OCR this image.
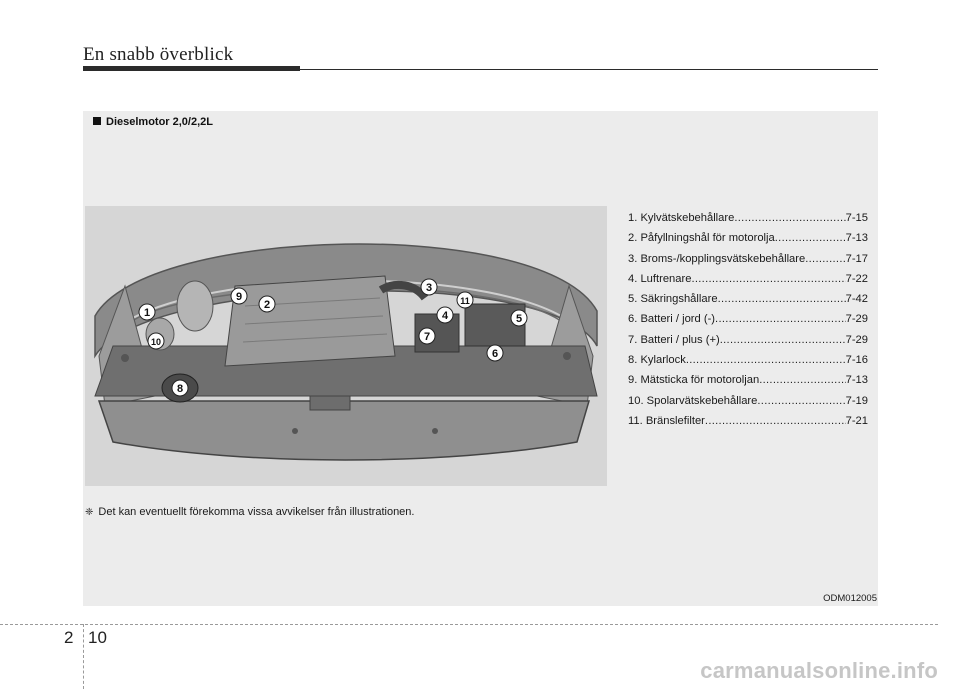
En snabb överblick
Dieselmotor 2,0/2,2L
1
2
3
4	5
6
7
8
9
10
11
1. Kylvätskebehållare .....	7-15
2. Påfyllningshål för motorolja .....	7-13
3. Broms-/kopplingsvätskebehållare .....	7-17
4. Luftrenare .....	7-22
5. Säkringshållare .....	7-42
6. Batteri / jord (-) .....	7-29
7. Batteri / plus (+) .....	7-29
8. Kylarlock .....	7-16
9. Mätsticka för motoroljan .....	7-13
10. Spolarvätskebehållare .....	7-19
11. Bränslefilter .....	7-21
❈ Det kan eventuellt förekomma vissa avvikelser från illustrationen.
ODM012005
2 10
carmanualsonline.info
